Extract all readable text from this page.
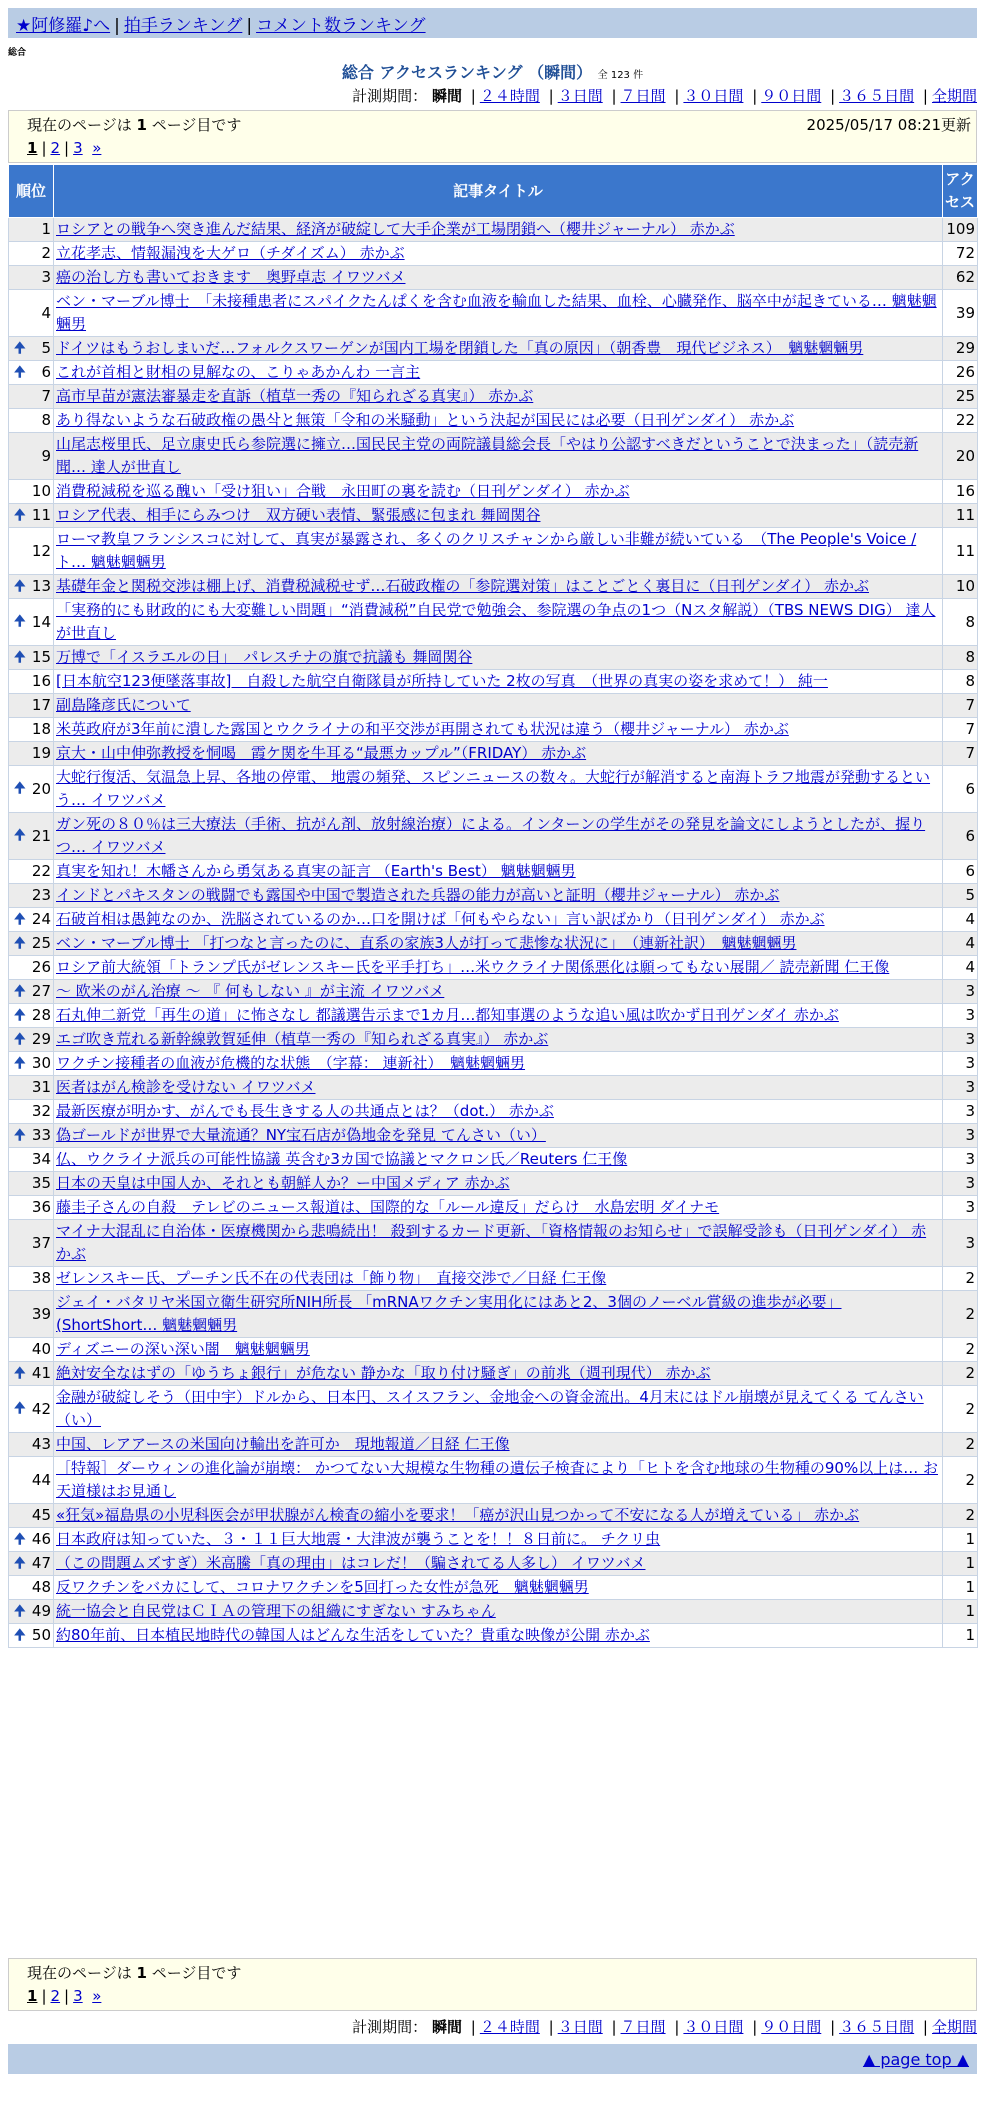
★阿修羅♪へ | 拍手ランキング | コメント数ランキング
総合
総合 アクセスランキング （瞬間） 全 123 件
計測期間： 瞬間 | ２４時間 | ３日間 | ７日間 | ３０日間 | ９０日間 | ３６５日間 | 全期間
現在のページは 1 ページ目です	2025/05/17 08:21更新
1 | 2 | 3 »
順位	記事タイトル	アクセス
1	ロシアとの戦争へ突き進んだ結果、経済が破綻して大手企業が工場閉鎖へ（櫻井ジャーナル） 赤かぶ	109
2	立花孝志、情報漏洩を大ゲロ（チダイズム） 赤かぶ	72
3	癌の治し方も書いておきます　奥野卓志 イワツバメ	62
4	ベン・マーブル博士　「未接種患者にスパイクたんぱくを含む血液を輸血した結果、血栓、心臓発作、脳卒中が起きている… 魑魅魍魎男	39

🠉 5	ドイツはもうおしまいだ…フォルクスワーゲンが国内工場を閉鎖した「真の原因」（朝香豊　現代ビジネス）　魑魅魍魎男	29

🠉 6	これが首相と財相の見解なの、こりゃあかんわ 一言主	26
7	高市早苗が憲法審暴走を直訴（植草一秀の『知られざる真実』） 赤かぶ	25
8	あり得ないような石破政権の愚삭と無策「令和の米騒動」という決起が国民には必要（日刊ゲンダイ） 赤かぶ	22
9	山尾志桜里氏、足立康史氏ら参院選に擁立…国民民主党の両院議員総会長「やはり公認すべきだということで決まった」（読売新聞… 達人が世直し	20
10	消費税減税を巡る醜い「受け狙い」合戦　永田町の裏を読む（日刊ゲンダイ） 赤かぶ	16

🠉 11	ロシア代表、相手にらみつけ　双方硬い表情、緊張感に包まれ 舞岡関谷	11
12	ローマ教皇フランシスコに対して、真実が暴露され、多くのクリスチャンから厳しい非難が続いている　（The People's Voice / ト… 魑魅魍魎男	11

🠉 13	基礎年金と関税交渉は棚上げ、消費税減税せず…石破政権の「参院選対策」はことごとく裏目に（日刊ゲンダイ） 赤かぶ	10

🠉 14	「実務的にも財政的にも大変難しい問題」“消費減税”自民党で勉強会、参院選の争点の1つ（Nスタ解説）（TBS NEWS DIG） 達人が世直し	8

🠉 15	万博で「イスラエルの日」　パレスチナの旗で抗議も 舞岡関谷	8
16	[日本航空123便墜落事故]　自殺した航空自衛隊員が所持していた 2枚の写真　（世界の真実の姿を求めて！） 純一	8
17	副島隆彦氏について	7
18	米英政府が3年前に潰した露国とウクライナの和平交渉が再開されても状況は違う（櫻井ジャーナル） 赤かぶ	7
19	京大・山中伸弥教授を恫喝　霞ケ関を牛耳る“最悪カップル”（FRIDAY） 赤かぶ	7

🠉 20	大蛇行復活、気温急上昇、各地の停電、 地震の頻発、スピンニュースの数々。大蛇行が解消すると南海トラフ地震が発動するという… イワツバメ	6

🠉 21	ガン死の８０％は三大療法（手術、抗がん剤、放射線治療）による。インターンの学生がその発見を論文にしようとしたが、握りつ… イワツバメ	6
22	真実を知れ！木幡さんから勇気ある真実の証言 （Earth's Best） 魑魅魍魎男	6
23	インドとパキスタンの戦闘でも露国や中国で製造された兵器の能力が高いと証明（櫻井ジャーナル） 赤かぶ	5

🠉 24	石破首相は愚鈍なのか、洗脳されているのか…口を開けば「何もやらない」言い訳ばかり（日刊ゲンダイ） 赤かぶ	4

🠉 25	ベン・マーブル博士 「打つなと言ったのに、直系の家族3人が打って悲惨な状況に」　（連新社訳）　魑魅魍魎男	4
26	ロシア前大統領「トランプ氏がゼレンスキー氏を平手打ち」…米ウクライナ関係悪化は願ってもない展開／ 読売新聞 仁王像	4

🠉 27	～ 欧米のがん治療 ～ 『 何もしない 』が主流 イワツバメ	3

🠉 28	石丸伸二新党「再生の道」に怖さなし 都議選告示まで1カ月…都知事選のような追い風は吹かず日刊ゲンダイ 赤かぶ	3

🠉 29	エゴ吹き荒れる新幹線敦賀延伸（植草一秀の『知られざる真実』） 赤かぶ	3

🠉 30	ワクチン接種者の血液が危機的な状態　（字幕： 連新社）　魑魅魍魎男	3
31	医者はがん検診を受けない イワツバメ	3
32	最新医療が明かす、がんでも長生きする人の共通点とは？（dot.） 赤かぶ	3

🠉 33	偽ゴールドが世界で大量流通？NY宝石店が偽地金を発見 てんさい（い）	3
34	仏、ウクライナ派兵の可能性協議 英含む3カ国で協議とマクロン氏／Reuters 仁王像	3
35	日本の天皇は中国人か、それとも朝鮮人か？ー中国メディア 赤かぶ	3
36	藤圭子さんの自殺　テレビのニュース報道は、国際的な「ルール違反」だらけ　水島宏明 ダイナモ	3
37	マイナ大混乱に自治体・医療機関から悲鳴続出！ 殺到するカード更新、「資格情報のお知らせ」で誤解受診も（日刊ゲンダイ） 赤かぶ	3
38	ゼレンスキー氏、プーチン氏不在の代表団は「飾り物」　直接交渉で／日経 仁王像	2
39	ジェイ・バタリヤ米国立衛生研究所NIH所長 「mRNAワクチン実用化にはあと2、3個のノーベル賞級の進歩が必要」(ShortShort… 魑魅魍魎男	2
40	ディズニーの深い深い闇　魑魅魍魎男	2

🠉 41	絶対安全なはずの「ゆうちょ銀行」が危ない 静かな「取り付け騒ぎ」の前兆（週刊現代） 赤かぶ	2

🠉 42	金融が破綻しそう（田中宇）ドルから、日本円、スイスフラン、金地金への資金流出。4月末にはドル崩壊が見えてくる てんさい（い）	2
43	中国、レアアースの米国向け輸出を許可か　現地報道／日経 仁王像	2
44	［特報］ダーウィンの進化論が崩壊： かつてない大規模な生物種の遺伝子検査により「ヒトを含む地球の生物種の90%以上は… お天道様はお見通し	2
45	«狂気»福島県の小児科医会が甲状腺がん検査の縮小を要求！「癌が沢山見つかって不安になる人が増えている」 赤かぶ	2

🠉 46	日本政府は知っていた、３・１１巨大地震・大津波が襲うことを！！８日前に。 チクリ虫	1

🠉 47	（この問題ムズすぎ）米高騰「真の理由」はコレだ！（騙されてる人多し） イワツバメ	1
48	反ワクチンをバカにして、コロナワクチンを5回打った女性が急死　魑魅魍魎男	1

🠉 49	統一協会と自民党はＣＩＡの管理下の組織にすぎない すみちゃん	1

🠉 50	約80年前、日本植民地時代の韓国人はどんな生活をしていた？貴重な映像が公開 赤かぶ	1
現在のページは 1 ページ目です
1 | 2 | 3 »
計測期間： 瞬間 | ２４時間 | ３日間 | ７日間 | ３０日間 | ９０日間 | ３６５日間 | 全期間
▲ page top ▲
